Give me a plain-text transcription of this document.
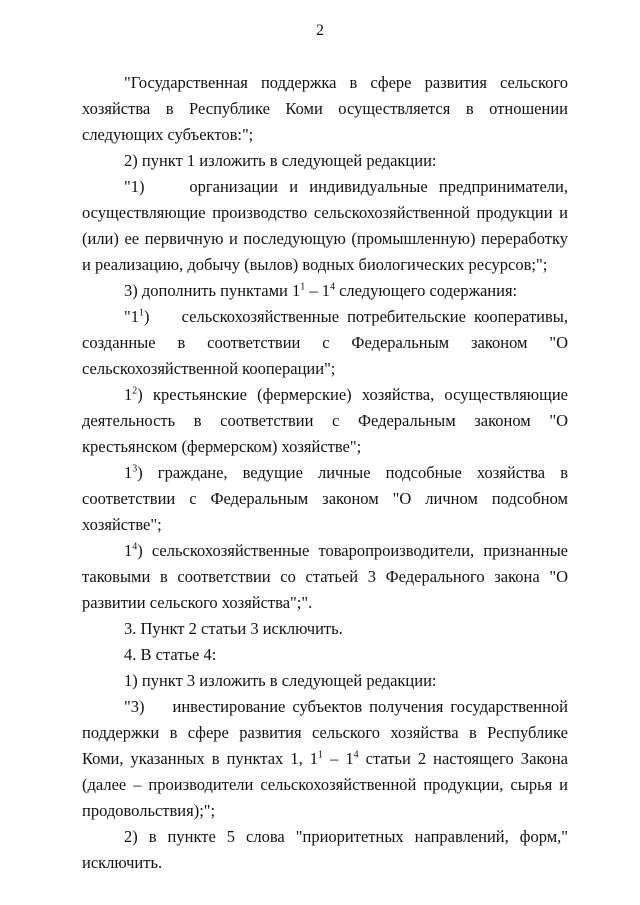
2

"Государственная поддержка в сфере развития сельского хозяйства в Республике Коми осуществляется в отношении следующих субъектов:";

2) пункт 1 изложить в следующей редакции:

"1)    организации и индивидуальные предприниматели, осуществляющие производство сельскохозяйственной продукции и (или) ее первичную и последующую (промышленную) переработку и реализацию, добычу (вылов) водных биологических ресурсов;";

3) дополнить пунктами $1^1 - 1^4$ следующего содержания:

"$1^1$)    сельскохозяйственные потребительские кооперативы, созданные в соответствии с Федеральным законом "О сельскохозяйственной кооперации";

$1^2$) крестьянские (фермерские) хозяйства, осуществляющие деятельность в соответствии с Федеральным законом "О крестьянском (фермерском) хозяйстве";

$1^3$) граждане, ведущие личные подсобные хозяйства в соответствии с Федеральным законом "О личном подсобном хозяйстве";

$1^4$) сельскохозяйственные товаропроизводители, признанные таковыми в соответствии со статьей 3 Федерального закона "О развитии сельского хозяйства";".

3. Пункт 2 статьи 3 исключить.

4. В статье 4:

1) пункт 3 изложить в следующей редакции:

"3)    инвестирование субъектов получения государственной поддержки в сфере развития сельского хозяйства в Республике Коми, указанных в пунктах 1, $1^1 - 1^4$ статьи 2 настоящего Закона (далее – производители сельскохозяйственной продукции, сырья и продовольствия);";

2) в пункте 5 слова "приоритетных направлений, форм," исключить.
